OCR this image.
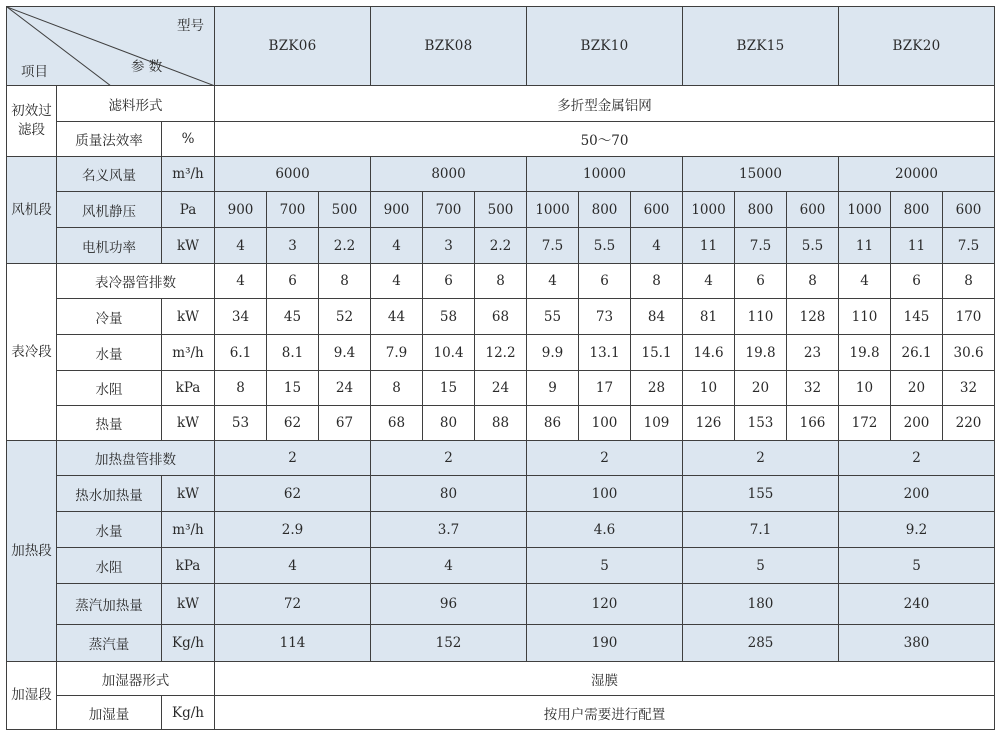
型号
参 数
项目			BZK06			BZK08			BZK10			BZK15			BZK20		
初效过滤段	滤料形式		多折型金属铝网														
	质量法效率	%	50～70														
风机段	名义风量	m³/h	6000			8000			10000			15000			20000		
	风机静压	Pa	900	700	500	900	700	500	1000	800	600	1000	800	600	1000	800	600
	电机功率	kW	4	3	2.2	4	3	2.2	7.5	5.5	4	11	7.5	5.5	11	11	7.5
表冷段	表冷器管排数		4	6	8	4	6	8	4	6	8	4	6	8	4	6	8
	冷量	kW	34	45	52	44	58	68	55	73	84	81	110	128	110	145	170
	水量	m³/h	6.1	8.1	9.4	7.9	10.4	12.2	9.9	13.1	15.1	14.6	19.8	23	19.8	26.1	30.6
	水阻	kPa	8	15	24	8	15	24	9	17	28	10	20	32	10	20	32
	热量	kW	53	62	67	68	80	88	86	100	109	126	153	166	172	200	220
加热段	加热盘管排数		2			2			2			2			2		
	热水加热量	kW	62			80			100			155			200		
	水量	m³/h	2.9			3.7			4.6			7.1			9.2		
	水阻	kPa	4			4			5			5			5		
	蒸汽加热量	kW	72			96			120			180			240		
	蒸汽量	Kg/h	114			152			190			285			380		
加湿段	加湿器形式		湿膜														
	加湿量	Kg/h	按用户需要进行配置														
